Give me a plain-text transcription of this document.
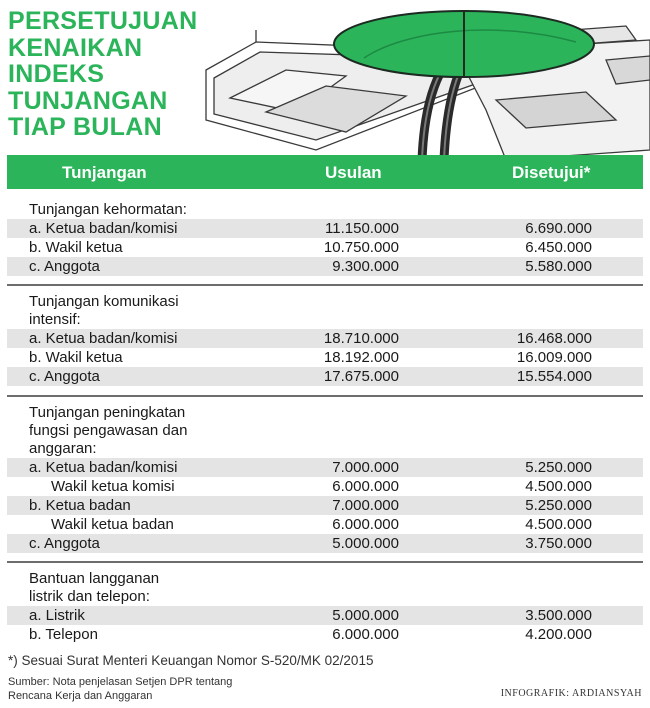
PERSETUJUAN
KENAIKAN
INDEKS
TUNJANGAN
TIAP BULAN
Tunjangan	Usulan	Disetujui*
Tunjangan kehormatan:
a. Ketua badan/komisi	11.150.000	6.690.000
b. Wakil ketua	10.750.000	6.450.000
c. Anggota	9.300.000	5.580.000
Tunjangan komunikasi
intensif:
a. Ketua badan/komisi	18.710.000	16.468.000
b. Wakil ketua	18.192.000	16.009.000
c. Anggota	17.675.000	15.554.000
Tunjangan peningkatan
fungsi pengawasan dan
anggaran:
a. Ketua badan/komisi	7.000.000	5.250.000
Wakil ketua komisi	6.000.000	4.500.000
b. Ketua badan	7.000.000	5.250.000
Wakil ketua badan	6.000.000	4.500.000
c. Anggota	5.000.000	3.750.000
Bantuan langganan
listrik dan telepon:
a. Listrik	5.000.000	3.500.000
b. Telepon	6.000.000	4.200.000
*) Sesuai Surat Menteri Keuangan Nomor S-520/MK 02/2015
Sumber: Nota penjelasan Setjen DPR tentang
Rencana Kerja dan Anggaran	INFOGRAFIK: ARDIANSYAH
